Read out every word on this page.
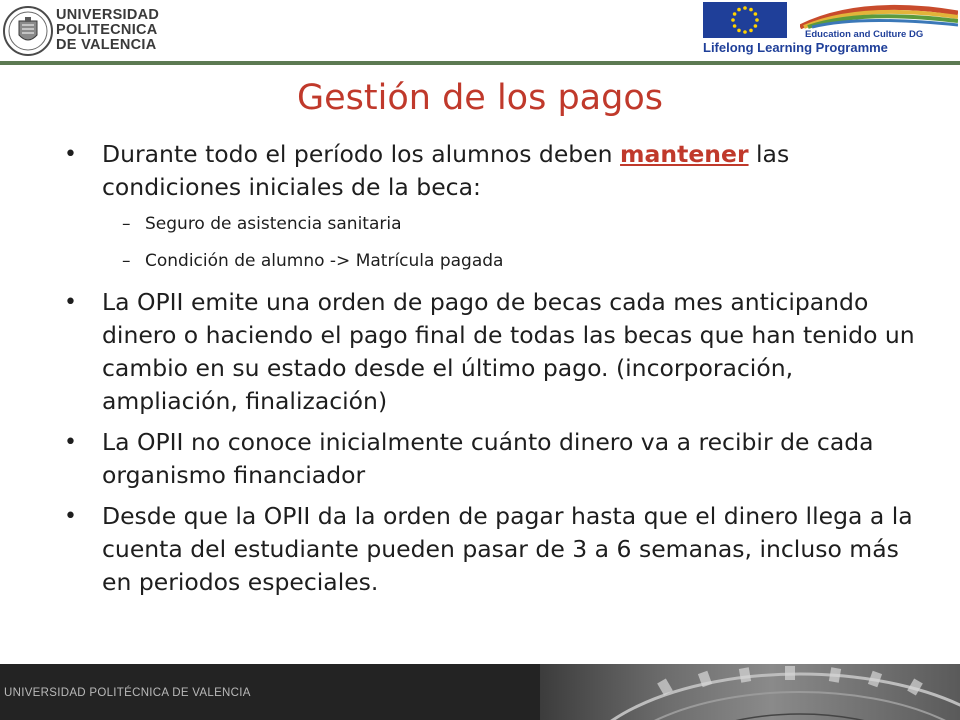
UNIVERSIDAD
POLITECNICA
DE VALENCIA
Education and Culture DG
Lifelong Learning Programme
Gestión de los pagos
• Durante todo el período los alumnos deben mantener las condiciones iniciales de la beca:
– Seguro de asistencia sanitaria
– Condición de alumno -> Matrícula pagada
• La OPII emite una orden de pago de becas cada mes anticipando dinero o haciendo el pago final de todas las becas que han tenido un cambio en su estado desde el último pago. (incorporación, ampliación, finalización)
• La OPII no conoce inicialmente cuánto dinero va a recibir de cada organismo financiador
• Desde que la OPII da la orden de pagar hasta que el dinero llega a la cuenta del estudiante pueden pasar de 3 a 6 semanas, incluso más en periodos especiales.
UNIVERSIDAD POLITÉCNICA DE VALENCIA
